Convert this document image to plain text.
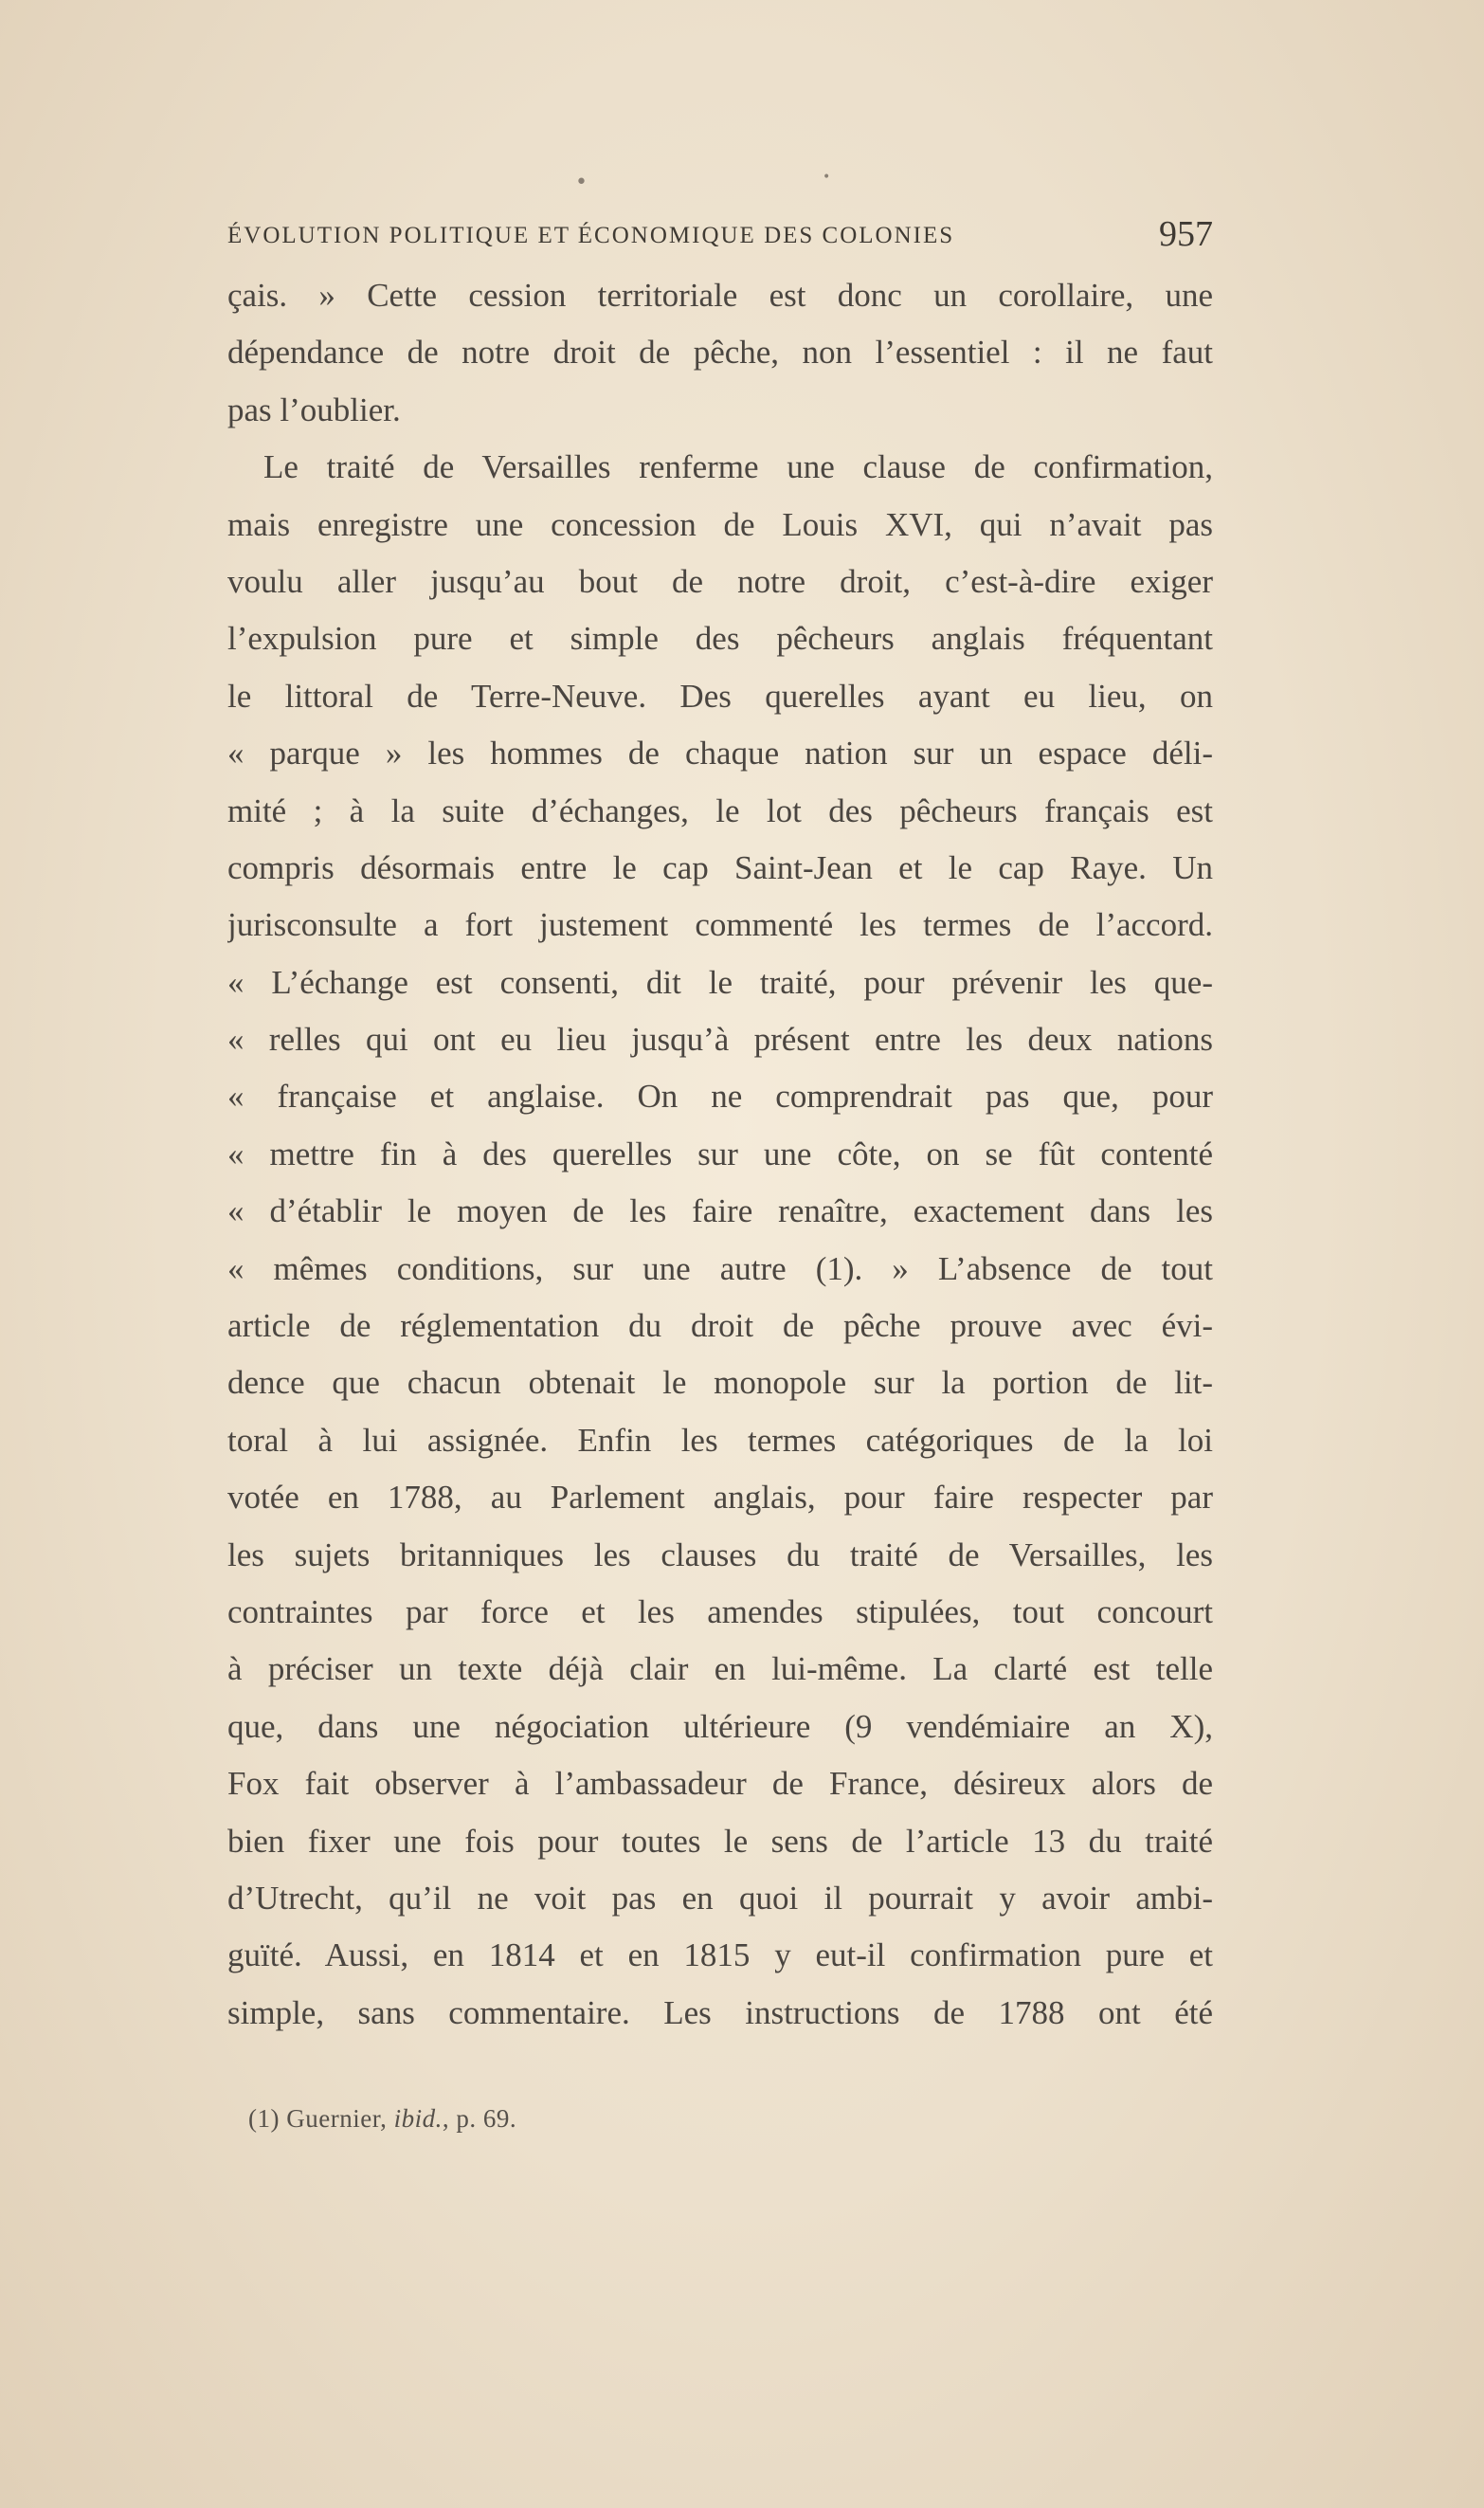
•	•
ÉVOLUTION POLITIQUE ET ÉCONOMIQUE DES COLONIES	957
çais. » Cette cession territoriale est donc un corollaire, une
dépendance de notre droit de pêche, non l’essentiel : il ne faut
pas l’oublier.
Le traité de Versailles renferme une clause de confirmation,
mais enregistre une concession de Louis XVI, qui n’avait pas
voulu aller jusqu’au bout de notre droit, c’est-à-dire exiger
l’expulsion pure et simple des pêcheurs anglais fréquentant
le littoral de Terre-Neuve. Des querelles ayant eu lieu, on
« parque » les hommes de chaque nation sur un espace déli-
mité ; à la suite d’échanges, le lot des pêcheurs français est
compris désormais entre le cap Saint-Jean et le cap Raye. Un
jurisconsulte a fort justement commenté les termes de l’accord.
« L’échange est consenti, dit le traité, pour prévenir les que-
« relles qui ont eu lieu jusqu’à présent entre les deux nations
« française et anglaise. On ne comprendrait pas que, pour
« mettre fin à des querelles sur une côte, on se fût contenté
« d’établir le moyen de les faire renaître, exactement dans les
« mêmes conditions, sur une autre (1). » L’absence de tout
article de réglementation du droit de pêche prouve avec évi-
dence que chacun obtenait le monopole sur la portion de lit-
toral à lui assignée. Enfin les termes catégoriques de la loi
votée en 1788, au Parlement anglais, pour faire respecter par
les sujets britanniques les clauses du traité de Versailles, les
contraintes par force et les amendes stipulées, tout concourt
à préciser un texte déjà clair en lui-même. La clarté est telle
que, dans une négociation ultérieure (9 vendémiaire an X),
Fox fait observer à l’ambassadeur de France, désireux alors de
bien fixer une fois pour toutes le sens de l’article 13 du traité
d’Utrecht, qu’il ne voit pas en quoi il pourrait y avoir ambi-
guïté. Aussi, en 1814 et en 1815 y eut-il confirmation pure et
simple, sans commentaire. Les instructions de 1788 ont été
(1) Guernier, ibid., p. 69.
